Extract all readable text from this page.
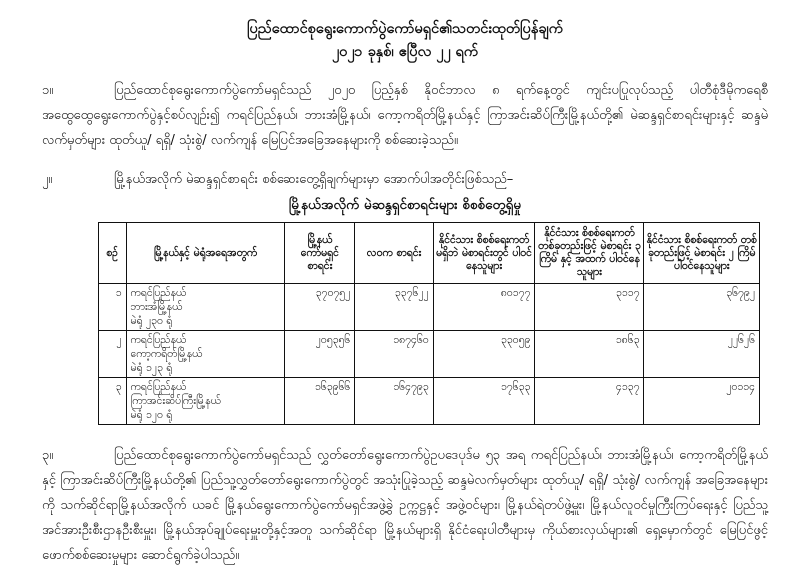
ပြည်ထောင်စုရွေးကောက်ပွဲကော်မရှင်၏သတင်းထုတ်ပြန်ချက်
၂၀၂၁ ခုနှစ်၊ ဧပြီလ ၂၂ ရက်
၁။	ပြည်ထောင်စုရွေးကောက်ပွဲကော်မရှင်သည် ၂၀၂၀ ပြည့်နှစ် နိုဝင်ဘာလ ၈ ရက်နေ့တွင် ကျင်းပပြုလုပ်သည့် ပါတီစုံဒီမိုကရေစီအထွေထွေရွေးကောက်ပွဲနှင့်စပ်လျဉ်း၍ ကရင်ပြည်နယ်၊ ဘားအံမြို့နယ်၊ ကော့ကရိတ်မြို့နယ်နှင့် ကြာအင်းဆိပ်ကြီးမြို့နယ်တို့၏ မဲဆန္ဒရှင်စာရင်းများနှင့် ဆန္ဒမဲလက်မှတ်များ ထုတ်ယူ/ ရရှိ/ သုံးစွဲ/ လက်ကျန် မြေပြင်အခြေအနေများကို စစ်ဆေးခဲ့သည်။
၂။	မြို့နယ်အလိုက် မဲဆန္ဒရှင်စာရင်း စစ်ဆေးတွေ့ရှိချက်များမှာ အောက်ပါအတိုင်းဖြစ်သည်–
မြို့နယ်အလိုက် မဲဆန္ဒရှင်စာရင်းများ စိစစ်တွေ့ရှိမှု
စဉ်	မြို့နယ်နှင့် မဲရုံအရေအတွက်	မြို့နယ် ကော်မရှင် စာရင်း	လဝက စာရင်း	နိုင်ငံသား စိစစ်ရေးကတ် မရှိဘဲ မဲစာရင်းတွင် ပါဝင်နေသူများ	နိုင်ငံသား စိစစ်ရေးကတ် တစ်ခုတည်းဖြင့် မဲစာရင်း ၃ ကြိမ် နှင့် အထက် ပါဝင်နေသူများ	နိုင်ငံသား စိစစ်ရေးကတ် တစ်ခုတည်းဖြင့် မဲစာရင်း ၂ ကြိမ် ပါဝင်နေသူများ
၁	ကရင်ပြည်နယ်
ဘားအံမြို့နယ်
မဲရုံ ၂၃၀ ရုံ	၃၇၀၇၅၂	၃၃၇၆၂၂	၈၀၁၇၇	၃၁၁၇	၃၆၇၉၂
၂	ကရင်ပြည်နယ်
ကော့ကရိတ်မြို့နယ်
မဲရုံ ၁၂၃ ရုံ	၂၀၅၃၅၆	၁၈၇၄၆၀	၃၃၀၅၉	၁၈၆၃	၂၂၆၂၆
၃	ကရင်ပြည်နယ်
ကြာအင်းဆိပ်ကြီးမြို့နယ်
မဲရုံ ၁၂၀ ရုံ	၁၆၃၉၆၆	၁၆၄၇၉၃	၁၇၆၃၃	၄၁၃၇	၂၀၁၁၄
၃။	ပြည်ထောင်စုရွေးကောက်ပွဲကော်မရှင်သည် လွှတ်တော်ရွေးကောက်ပွဲဥပဒေပုဒ်မ ၅၃ အရ ကရင်ပြည်နယ်၊ ဘားအံမြို့နယ်၊ ကော့ကရိတ်မြို့နယ်နှင့် ကြာအင်းဆိပ်ကြီးမြို့နယ်တို့၏ ပြည်သူ့လွှတ်တော်ရွေးကောက်ပွဲတွင် အသုံးပြုခဲ့သည့် ဆန္ဒမဲလက်မှတ်များ ထုတ်ယူ/ ရရှိ/ သုံးစွဲ/ လက်ကျန် အခြေအနေများကို သက်ဆိုင်ရာမြို့နယ်အလိုက် ယခင် မြို့နယ်ရွေးကောက်ပွဲကော်မရှင်အဖွဲ့ခွဲ ဥက္ကဋ္ဌနှင့် အဖွဲ့ဝင်များ၊ မြို့နယ်ရဲတပ်ဖွဲ့မှူး၊ မြို့နယ်လူဝင်မှုကြီးကြပ်ရေးနှင့် ပြည်သူ့အင်အားဦးစီးဌာနဦးစီးမှူး၊ မြို့နယ်အုပ်ချုပ်ရေးမှူးတို့နှင့်အတူ သက်ဆိုင်ရာ မြို့နယ်များရှိ နိုင်ငံရေးပါတီများမှ ကိုယ်စားလှယ်များ၏ ရှေ့မှောက်တွင် မြေပြင်ဖွင့်ဖောက်စစ်ဆေးမှုများ ဆောင်ရွက်ခဲ့ပါသည်။
